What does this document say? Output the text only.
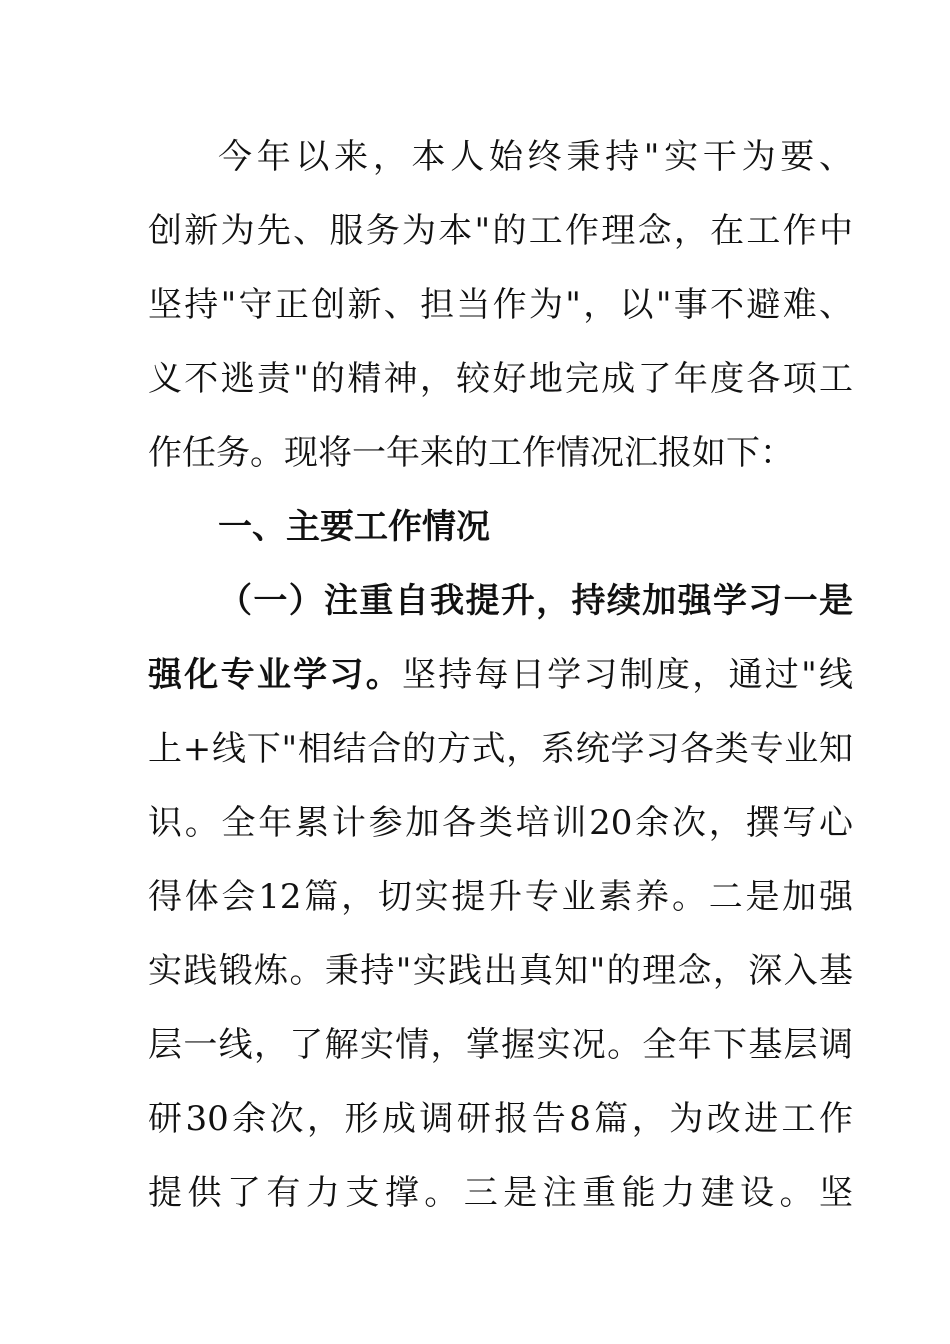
今年以来，本人始终秉持"实干为要、
创新为先、服务为本"的工作理念，在工作中
坚持"守正创新、担当作为"，以"事不避难、
义不逃责"的精神，较好地完成了年度各项工
作任务。现将一年来的工作情况汇报如下：
一、主要工作情况
（一）注重自我提升，持续加强学习一是
强化专业学习。坚持每日学习制度，通过"线
上+线下"相结合的方式，系统学习各类专业知
识。全年累计参加各类培训20余次，撰写心
得体会12篇，切实提升专业素养。二是加强
实践锻炼。秉持"实践出真知"的理念，深入基
层一线，了解实情，掌握实况。全年下基层调
研30余次，形成调研报告8篇，为改进工作
提供了有力支撑。三是注重能力建设。坚
